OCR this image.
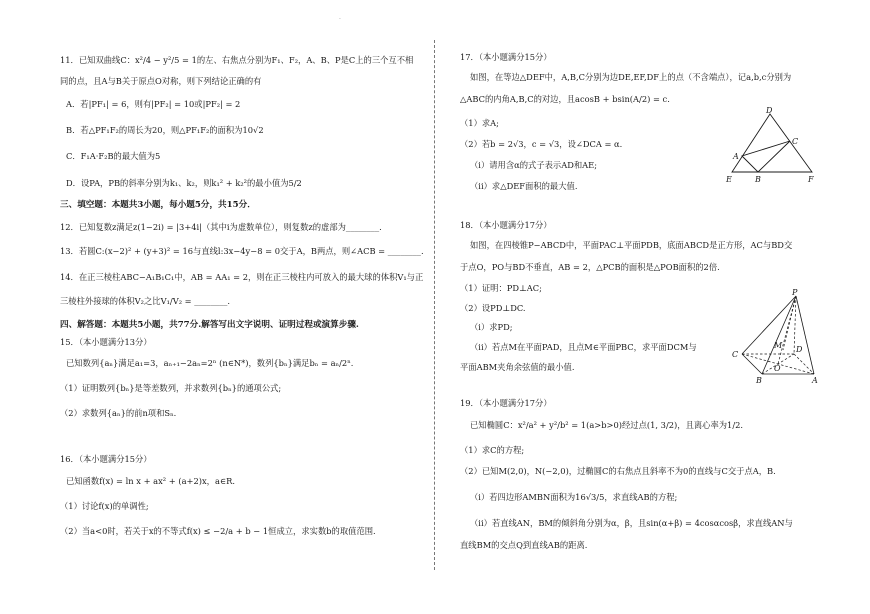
.
11．已知双曲线C：x²/4 − y²/5 = 1的左、右焦点分别为F₁、F₂，A、B、P是C上的三个互不相
同的点，且A与B关于原点O对称，则下列结论正确的有
A．若|PF₁| = 6，则有|PF₂| = 10或|PF₂| = 2
B．若△PF₁F₂的周长为20，则△PF₁F₂的面积为10√2
C．F₁A·F₂B的最大值为5
D．设PA，PB的斜率分别为k₁、k₂，则k₁² + k₂²的最小值为5/2
三、填空题：本题共3小题，每小题5分，共15分．
12．已知复数z满足z(1−2i) = |3+4i|（其中i为虚数单位），则复数z的虚部为________.
13．若圆C:(x−2)² + (y+3)² = 16与直线l:3x−4y−8 = 0交于A，B两点，则∠ACB = ________.
14．在正三棱柱ABC−A₁B₁C₁中，AB = AA₁ = 2，则在正三棱柱内可放入的最大球的体积V₁与正
三棱柱外接球的体积V₂之比V₁/V₂ = ________.
四、解答题：本题共5小题，共77分.解答写出文字说明、证明过程或演算步骤.
15．（本小题满分13分）
已知数列{aₙ}满足a₁=3，aₙ₊₁−2aₙ=2ⁿ (n∈N*)，数列{bₙ}满足bₙ = aₙ/2ⁿ.
（1）证明数列{bₙ}是等差数列，并求数列{bₙ}的通项公式;
（2）求数列{aₙ}的前n项和Sₙ.
16．（本小题满分15分）
已知函数f(x) = ln x + ax² + (a+2)x，a∈R.
（1）讨论f(x)的单调性;
（2）当a<0时，若关于x的不等式f(x) ≤ −2/a + b − 1恒成立，求实数b的取值范围.
17．（本小题满分15分）
如图，在等边△DEF中，A,B,C分别为边DE,EF,DF上的点（不含端点），记a,b,c分别为
△ABC的内角A,B,C的对边，且acosB + bsin(A/2) = c.
（1）求A;
（2）若b = 2√3，c = √3，设∠DCA = α.
（i）请用含α的式子表示AD和AE;
（ii）求△DEF面积的最大值.
18．（本小题满分17分）
如图，在四棱锥P−ABCD中，平面PAC⊥平面PDB，底面ABCD是正方形，AC与BD交
于点O，PO与BD不垂直，AB = 2，△PCB的面积是△POB面积的2倍.
（1）证明：PD⊥AC;
（2）设PD⊥DC.
（i）求PD;
（ii）若点M在平面PAD，且点M∈平面PBC，求平面DCM与
平面ABM夹角余弦值的最小值.
19．（本小题满分17分）
已知椭圆C：x²/a² + y²/b² = 1(a>b>0)经过点(1, 3/2)，且离心率为1/2.
（1）求C的方程;
（2）已知M(2,0)，N(−2,0)，过椭圆C的右焦点且斜率不为0的直线与C交于点A，B.
（i）若四边形AMBN面积为16√3/5，求直线AB的方程;
（ii）若直线AN，BM的倾斜角分别为α，β，且sin(α+β) = 4cosαcosβ，求直线AN与
直线BM的交点Q到直线AB的距离.
D
A
C
E	B	F
P
D
C
M
O
B	A
